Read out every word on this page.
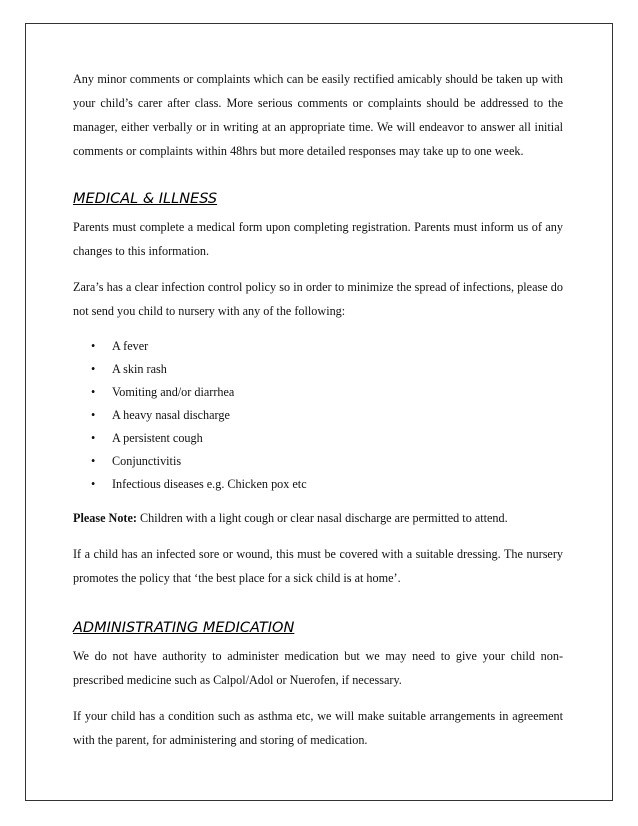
Any minor comments or complaints which can be easily rectified amicably should be taken up with your child’s carer after class. More serious comments or complaints should be addressed to the manager, either verbally or in writing at an appropriate time. We will endeavor to answer all initial comments or complaints within 48hrs but more detailed responses may take up to one week.

MEDICAL & ILLNESS

Parents must complete a medical form upon completing registration. Parents must inform us of any changes to this information.

Zara’s has a clear infection control policy so in order to minimize the spread of infections, please do not send you child to nursery with any of the following:

• A fever
• A skin rash
• Vomiting and/or diarrhea
• A heavy nasal discharge
• A persistent cough
• Conjunctivitis
• Infectious diseases e.g. Chicken pox etc

Please Note: Children with a light cough or clear nasal discharge are permitted to attend.

If a child has an infected sore or wound, this must be covered with a suitable dressing. The nursery promotes the policy that ‘the best place for a sick child is at home’.

ADMINISTRATING MEDICATION

We do not have authority to administer medication but we may need to give your child non-prescribed medicine such as Calpol/Adol or Nuerofen, if necessary.

If your child has a condition such as asthma etc, we will make suitable arrangements in agreement with the parent, for administering and storing of medication.
